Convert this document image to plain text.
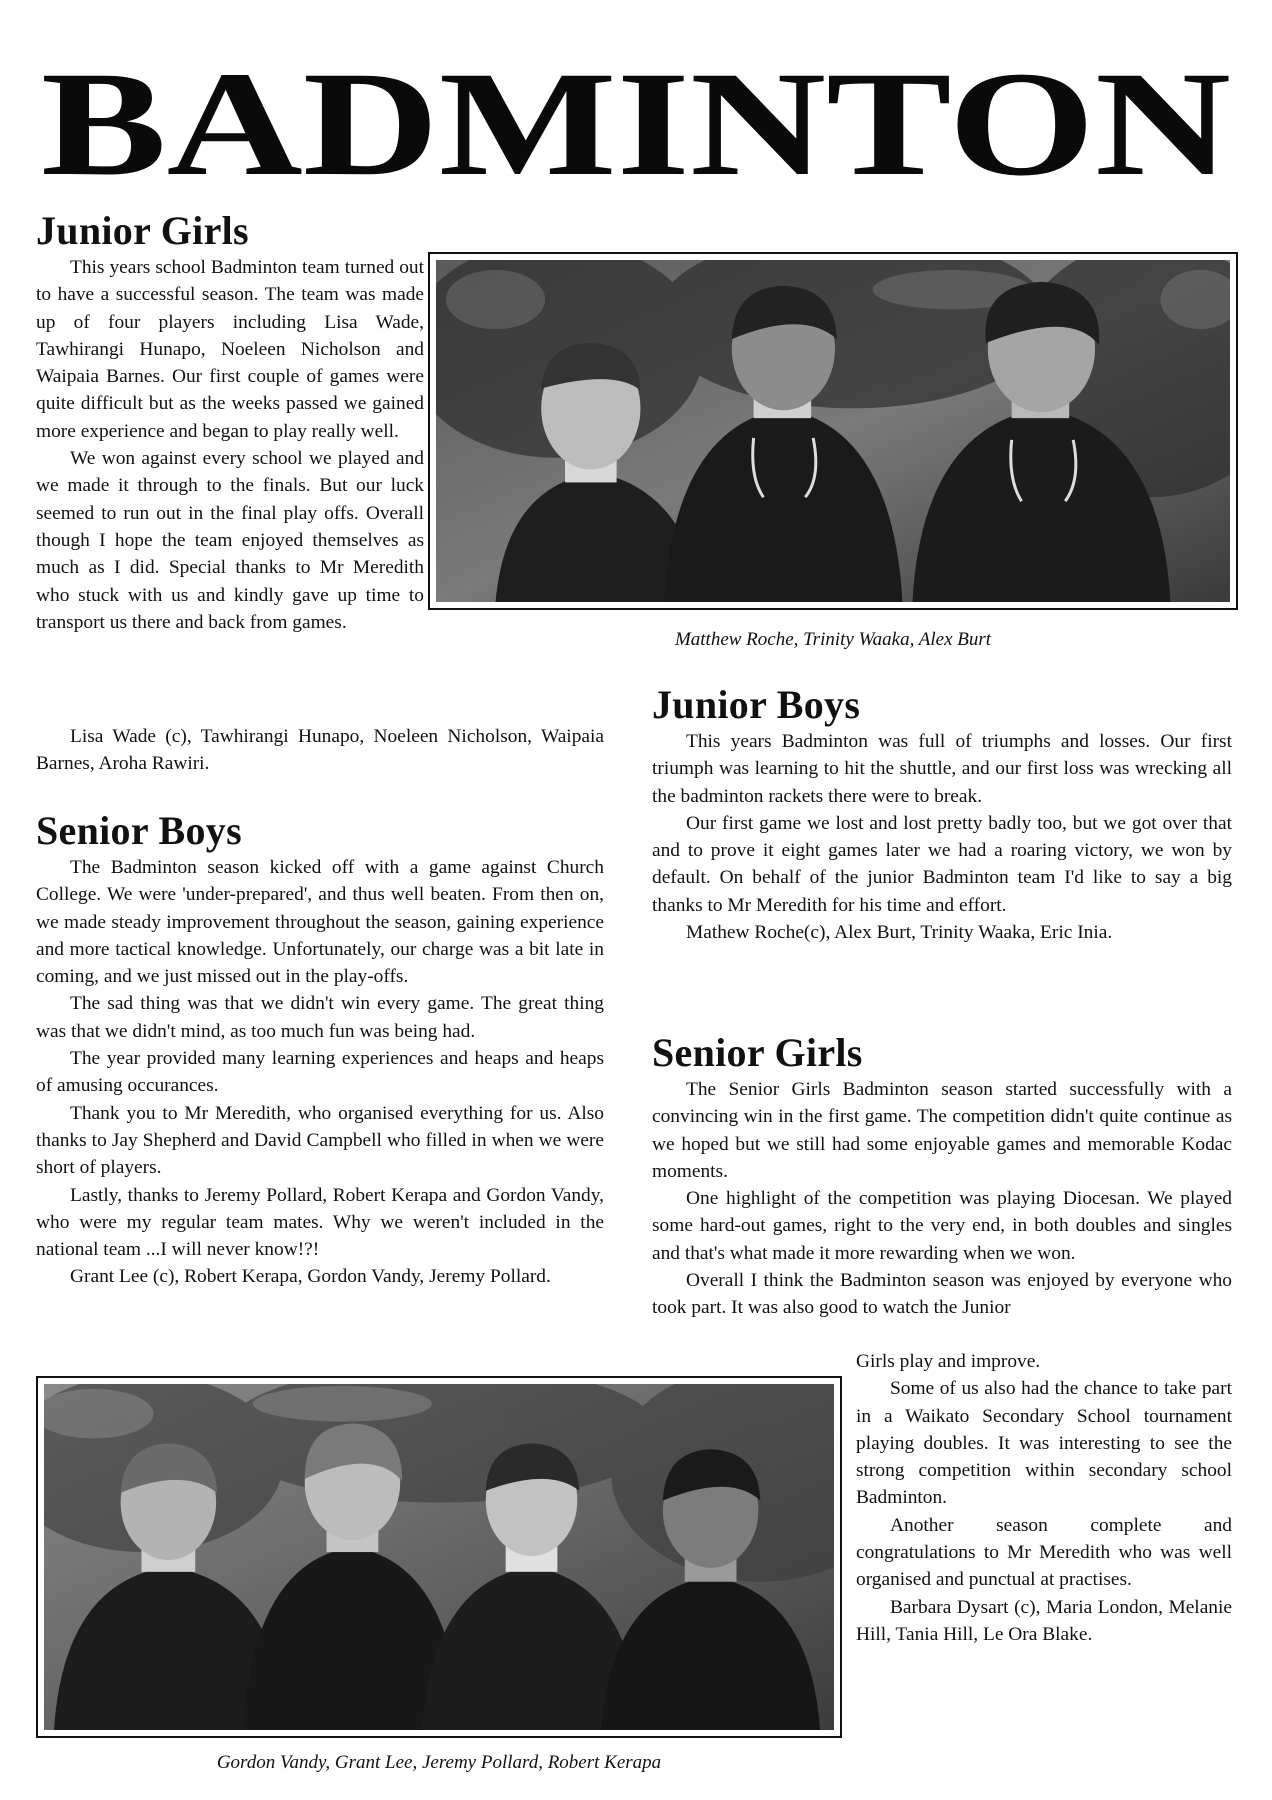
BADMINTON
Matthew Roche, Trinity Waaka, Alex Burt
Junior Girls

This years school Badminton team turned out to have a successful season. The team was made up of four players including Lisa Wade, Tawhirangi Hunapo, Noeleen Nicholson and Waipaia Barnes. Our first couple of games were quite difficult but as the weeks passed we gained more experience and began to play really well.

We won against every school we played and we made it through to the finals. But our luck seemed to run out in the final play offs. Overall though I hope the team enjoyed themselves as much as I did. Special thanks to Mr Meredith who stuck with us and kindly gave up time to transport us there and back from games.

Lisa Wade (c), Tawhirangi Hunapo, Noeleen Nicholson, Waipaia Barnes, Aroha Rawiri.

Senior Boys

The Badminton season kicked off with a game against Church College. We were 'under-prepared', and thus well beaten. From then on, we made steady improvement throughout the season, gaining experience and more tactical knowledge. Unfortunately, our charge was a bit late in coming, and we just missed out in the play-offs.

The sad thing was that we didn't win every game. The great thing was that we didn't mind, as too much fun was being had.

The year provided many learning experiences and heaps and heaps of amusing occurances.

Thank you to Mr Meredith, who organised everything for us. Also thanks to Jay Shepherd and David Campbell who filled in when we were short of players.

Lastly, thanks to Jeremy Pollard, Robert Kerapa and Gordon Vandy, who were my regular team mates. Why we weren't included in the national team ...I will never know!?!

Grant Lee (c), Robert Kerapa, Gordon Vandy, Jeremy Pollard.

Junior Boys

This years Badminton was full of triumphs and losses. Our first triumph was learning to hit the shuttle, and our first loss was wrecking all the badminton rackets there were to break.

Our first game we lost and lost pretty badly too, but we got over that and to prove it eight games later we had a roaring victory, we won by default. On behalf of the junior Badminton team I'd like to say a big thanks to Mr Meredith for his time and effort.

Mathew Roche(c), Alex Burt, Trinity Waaka, Eric Inia.

Senior Girls

The Senior Girls Badminton season started successfully with a convincing win in the first game. The competition didn't quite continue as we hoped but we still had some enjoyable games and memorable Kodac moments.

One highlight of the competition was playing Diocesan. We played some hard-out games, right to the very end, in both doubles and singles and that's what made it more rewarding when we won.

Overall I think the Badminton season was enjoyed by everyone who took part. It was also good to watch the Junior

Girls play and improve.

Some of us also had the chance to take part in a Waikato Secondary School tournament playing doubles. It was interesting to see the strong competition within secondary school Badminton.

Another season complete and congratulations to Mr Meredith who was well organised and punctual at practises.

Barbara Dysart (c), Maria London, Melanie Hill, Tania Hill, Le Ora Blake.

Gordon Vandy, Grant Lee, Jeremy Pollard, Robert Kerapa
